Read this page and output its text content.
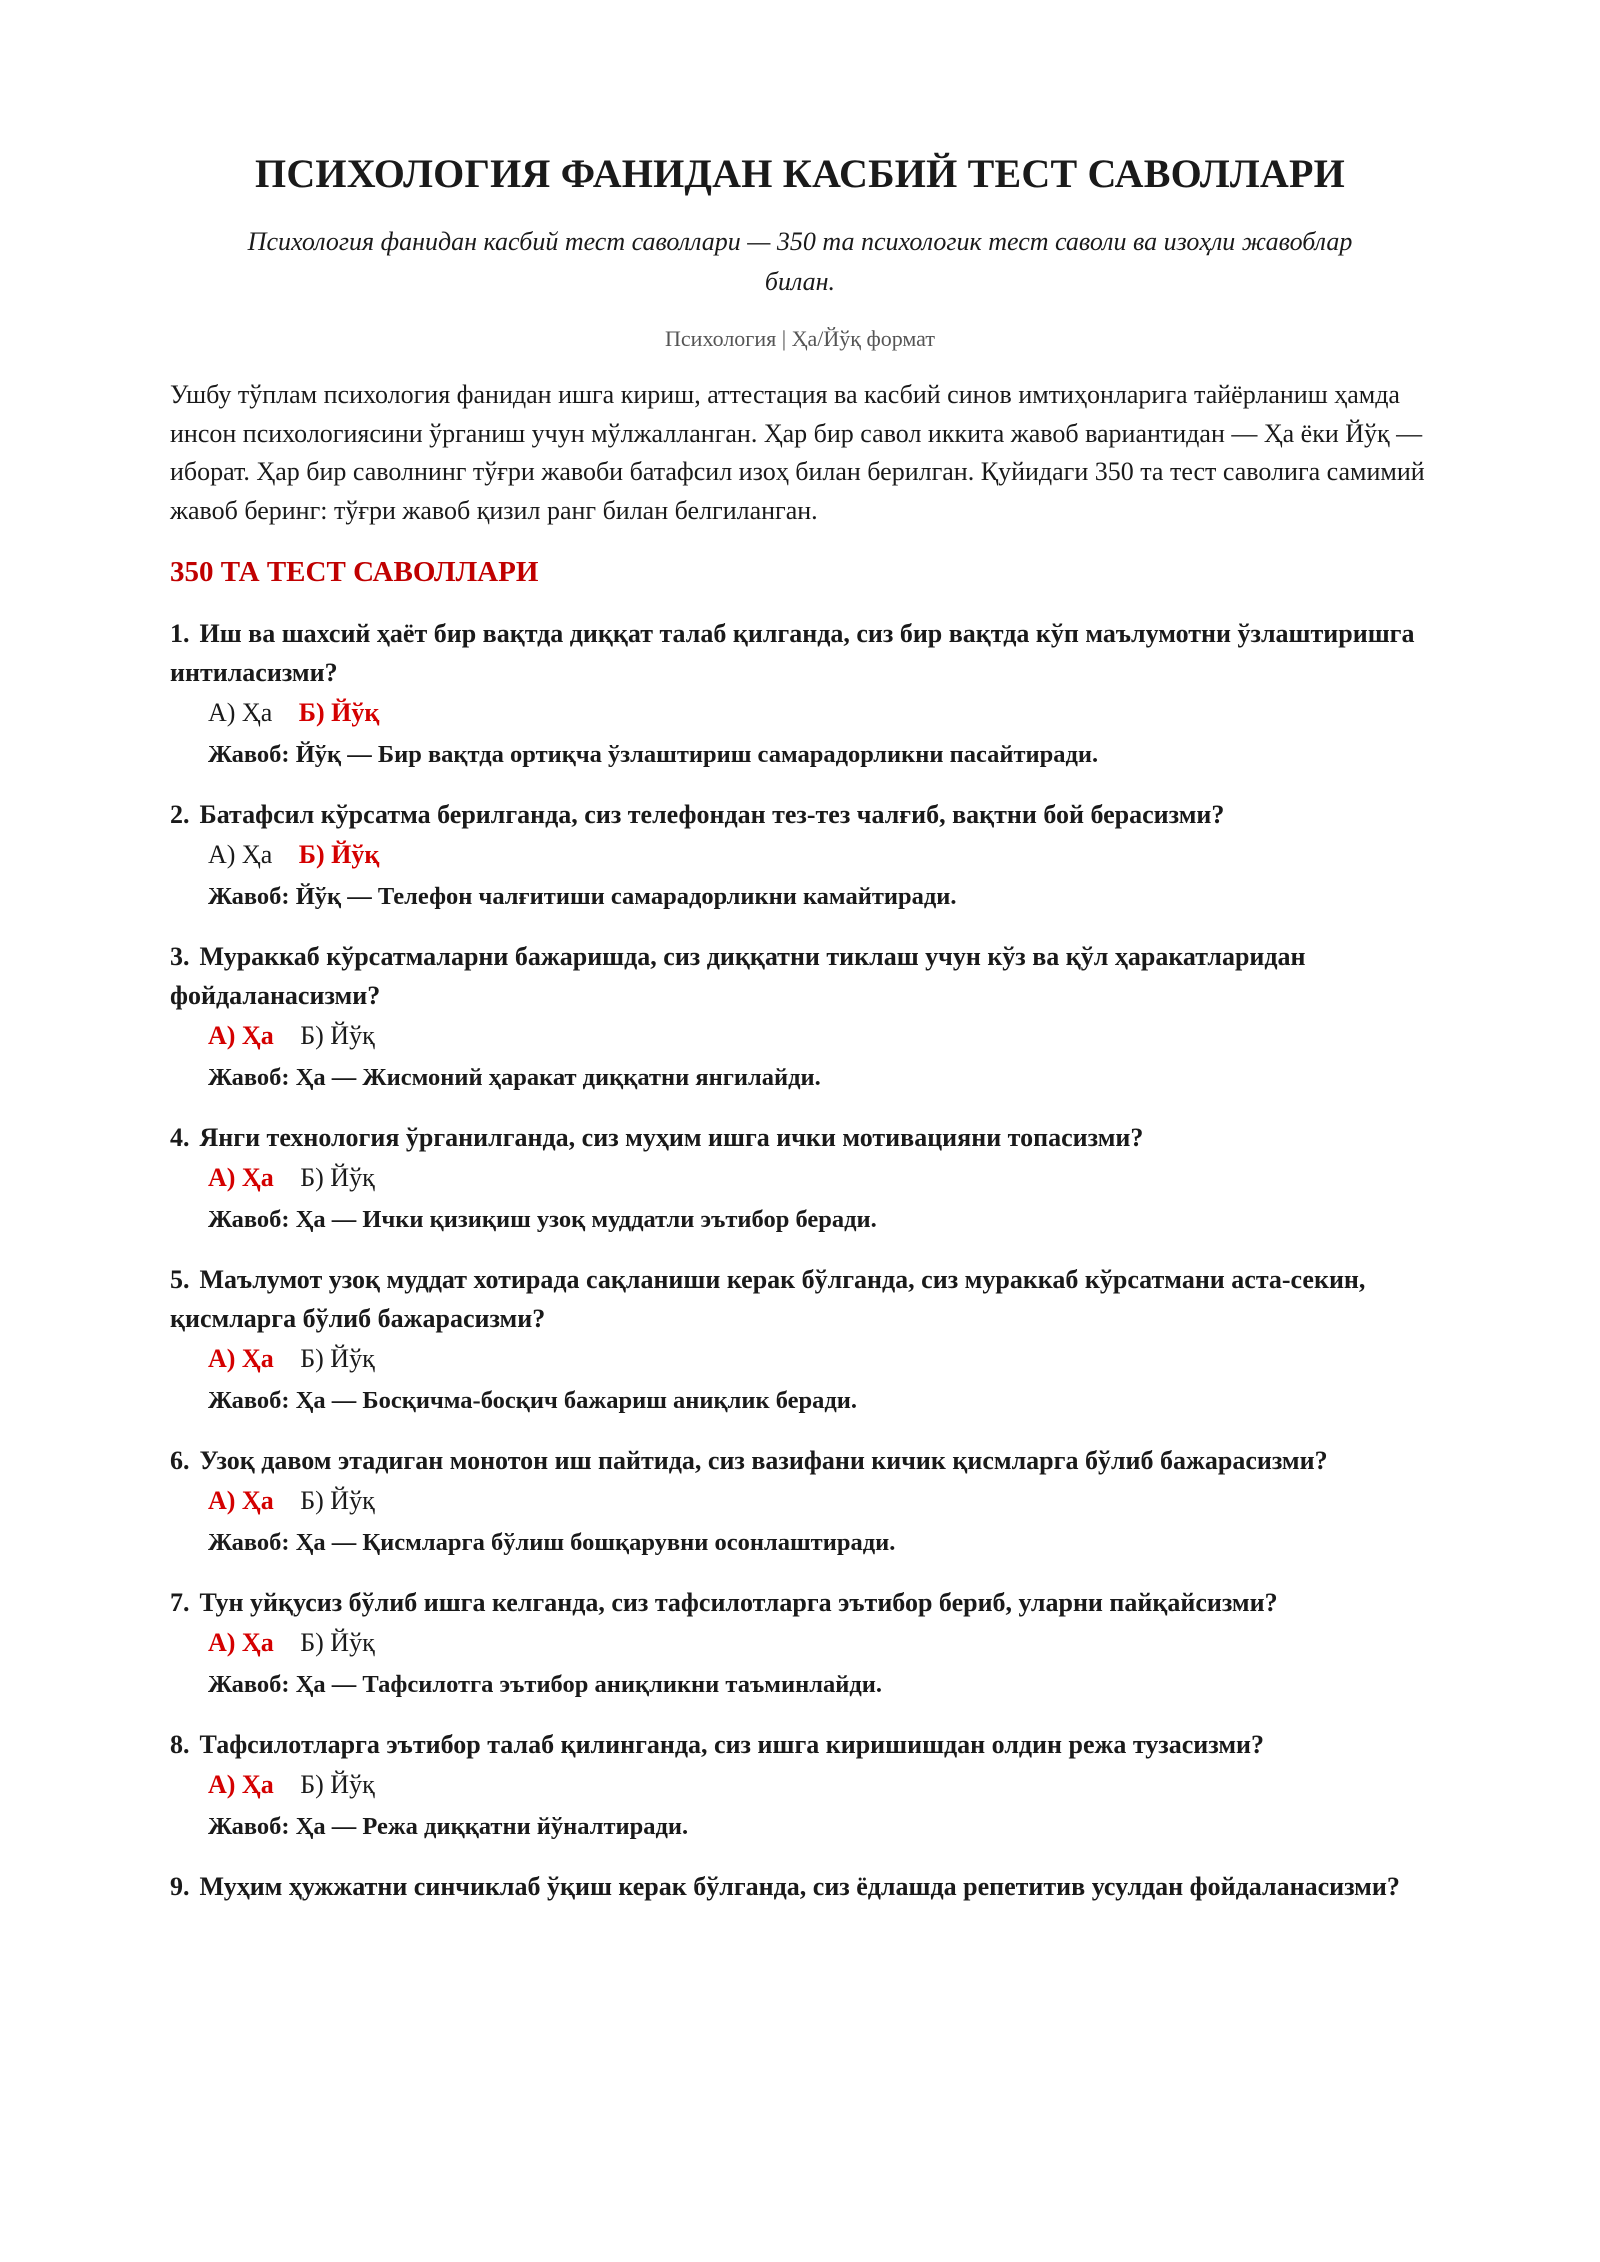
ПСИХОЛОГИЯ ФАНИДАН КАСБИЙ ТЕСТ САВОЛЛАРИ
Психология фанидан касбий тест саволлари — 350 та психологик тест саволи ва изоҳли жавоблар билан.
Психология | Ҳа/Йўқ формат

Ушбу тўплам психология фанидан ишга кириш, аттестация ва касбий синов имтиҳонларига тайёрланиш ҳамда инсон психологиясини ўрганиш учун мўлжалланган. Ҳар бир савол иккита жавоб вариантидан — Ҳа ёки Йўқ — иборат. Ҳар бир саволнинг тўғри жавоби батафсил изоҳ билан берилган. Қуйидаги 350 та тест саволига самимий жавоб беринг: тўғри жавоб қизил ранг билан белгиланган.

350 ТА ТЕСТ САВОЛЛАРИ
1. Иш ва шахсий ҳаёт бир вақтда диққат талаб қилганда, сиз бир вақтда кўп маълумотни ўзлаштиришга интиласизми?
А) Ҳа Б) Йўқ
Жавоб: Йўқ — Бир вақтда ортиқча ўзлаштириш самарадорликни пасайтиради.
2. Батафсил кўрсатма берилганда, сиз телефондан тез-тез чалғиб, вақтни бой берасизми?
А) Ҳа Б) Йўқ
Жавоб: Йўқ — Телефон чалғитиши самарадорликни камайтиради.
3. Мураккаб кўрсатмаларни бажаришда, сиз диққатни тиклаш учун кўз ва қўл ҳаракатларидан фойдаланасизми?
А) Ҳа Б) Йўқ
Жавоб: Ҳа — Жисмоний ҳаракат диққатни янгилайди.
4. Янги технология ўрганилганда, сиз муҳим ишга ички мотивацияни топасизми?
А) Ҳа Б) Йўқ
Жавоб: Ҳа — Ички қизиқиш узоқ муддатли эътибор беради.
5. Маълумот узоқ муддат хотирада сақланиши керак бўлганда, сиз мураккаб кўрсатмани аста-секин, қисмларга бўлиб бажарасизми?
А) Ҳа Б) Йўқ
Жавоб: Ҳа — Босқичма-босқич бажариш аниқлик беради.
6. Узоқ давом этадиган монотон иш пайтида, сиз вазифани кичик қисмларга бўлиб бажарасизми?
А) Ҳа Б) Йўқ
Жавоб: Ҳа — Қисмларга бўлиш бошқарувни осонлаштиради.
7. Тун уйқусиз бўлиб ишга келганда, сиз тафсилотларга эътибор бериб, уларни пайқайсизми?
А) Ҳа Б) Йўқ
Жавоб: Ҳа — Тафсилотга эътибор аниқликни таъминлайди.
8. Тафсилотларга эътибор талаб қилинганда, сиз ишга киришишдан олдин режа тузасизми?
А) Ҳа Б) Йўқ
Жавоб: Ҳа — Режа диққатни йўналтиради.
9. Муҳим ҳужжатни синчиклаб ўқиш керак бўлганда, сиз ёдлашда репетитив усулдан фойдаланасизми?
